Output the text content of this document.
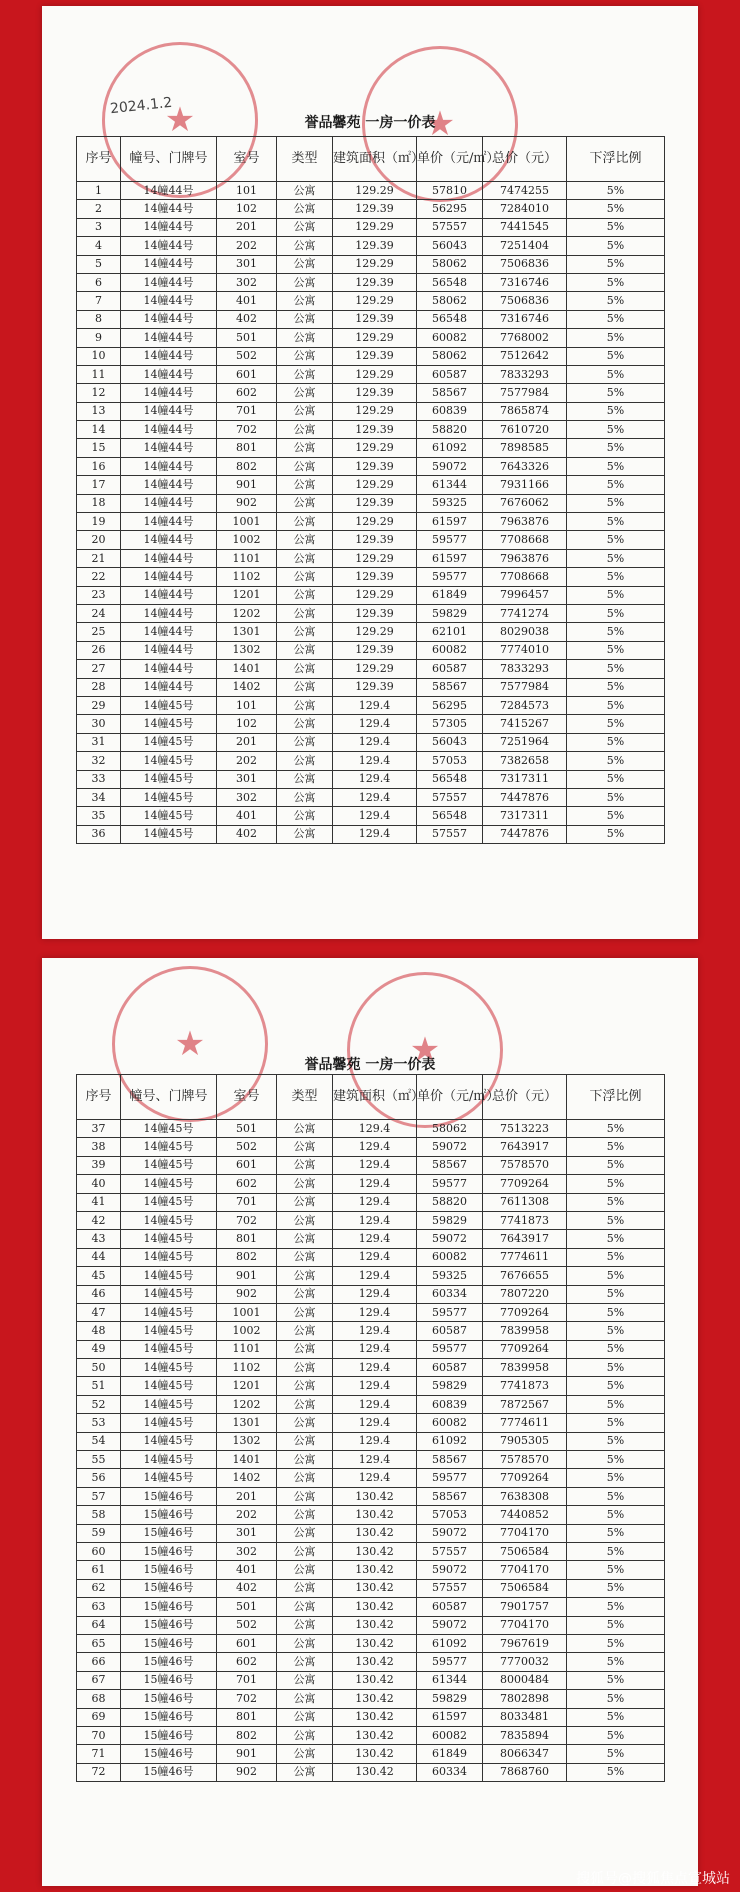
★	★
2024.1.2
誉品馨苑 一房一价表
序号	幢号、门牌号	室号	类型	建筑面积（㎡）	单价（元/㎡）	总价（元）	下浮比例
1	14幢44号	101	公寓	129.29	57810	7474255	5%
2	14幢44号	102	公寓	129.39	56295	7284010	5%
3	14幢44号	201	公寓	129.29	57557	7441545	5%
4	14幢44号	202	公寓	129.39	56043	7251404	5%
5	14幢44号	301	公寓	129.29	58062	7506836	5%
6	14幢44号	302	公寓	129.39	56548	7316746	5%
7	14幢44号	401	公寓	129.29	58062	7506836	5%
8	14幢44号	402	公寓	129.39	56548	7316746	5%
9	14幢44号	501	公寓	129.29	60082	7768002	5%
10	14幢44号	502	公寓	129.39	58062	7512642	5%
11	14幢44号	601	公寓	129.29	60587	7833293	5%
12	14幢44号	602	公寓	129.39	58567	7577984	5%
13	14幢44号	701	公寓	129.29	60839	7865874	5%
14	14幢44号	702	公寓	129.39	58820	7610720	5%
15	14幢44号	801	公寓	129.29	61092	7898585	5%
16	14幢44号	802	公寓	129.39	59072	7643326	5%
17	14幢44号	901	公寓	129.29	61344	7931166	5%
18	14幢44号	902	公寓	129.39	59325	7676062	5%
19	14幢44号	1001	公寓	129.29	61597	7963876	5%
20	14幢44号	1002	公寓	129.39	59577	7708668	5%
21	14幢44号	1101	公寓	129.29	61597	7963876	5%
22	14幢44号	1102	公寓	129.39	59577	7708668	5%
23	14幢44号	1201	公寓	129.29	61849	7996457	5%
24	14幢44号	1202	公寓	129.39	59829	7741274	5%
25	14幢44号	1301	公寓	129.29	62101	8029038	5%
26	14幢44号	1302	公寓	129.39	60082	7774010	5%
27	14幢44号	1401	公寓	129.29	60587	7833293	5%
28	14幢44号	1402	公寓	129.39	58567	7577984	5%
29	14幢45号	101	公寓	129.4	56295	7284573	5%
30	14幢45号	102	公寓	129.4	57305	7415267	5%
31	14幢45号	201	公寓	129.4	56043	7251964	5%
32	14幢45号	202	公寓	129.4	57053	7382658	5%
33	14幢45号	301	公寓	129.4	56548	7317311	5%
34	14幢45号	302	公寓	129.4	57557	7447876	5%
35	14幢45号	401	公寓	129.4	56548	7317311	5%
36	14幢45号	402	公寓	129.4	57557	7447876	5%
★	★
誉品馨苑 一房一价表
序号	幢号、门牌号	室号	类型	建筑面积（㎡）	单价（元/㎡）	总价（元）	下浮比例
37	14幢45号	501	公寓	129.4	58062	7513223	5%
38	14幢45号	502	公寓	129.4	59072	7643917	5%
39	14幢45号	601	公寓	129.4	58567	7578570	5%
40	14幢45号	602	公寓	129.4	59577	7709264	5%
41	14幢45号	701	公寓	129.4	58820	7611308	5%
42	14幢45号	702	公寓	129.4	59829	7741873	5%
43	14幢45号	801	公寓	129.4	59072	7643917	5%
44	14幢45号	802	公寓	129.4	60082	7774611	5%
45	14幢45号	901	公寓	129.4	59325	7676655	5%
46	14幢45号	902	公寓	129.4	60334	7807220	5%
47	14幢45号	1001	公寓	129.4	59577	7709264	5%
48	14幢45号	1002	公寓	129.4	60587	7839958	5%
49	14幢45号	1101	公寓	129.4	59577	7709264	5%
50	14幢45号	1102	公寓	129.4	60587	7839958	5%
51	14幢45号	1201	公寓	129.4	59829	7741873	5%
52	14幢45号	1202	公寓	129.4	60839	7872567	5%
53	14幢45号	1301	公寓	129.4	60082	7774611	5%
54	14幢45号	1302	公寓	129.4	61092	7905305	5%
55	14幢45号	1401	公寓	129.4	58567	7578570	5%
56	14幢45号	1402	公寓	129.4	59577	7709264	5%
57	15幢46号	201	公寓	130.42	58567	7638308	5%
58	15幢46号	202	公寓	130.42	57053	7440852	5%
59	15幢46号	301	公寓	130.42	59072	7704170	5%
60	15幢46号	302	公寓	130.42	57557	7506584	5%
61	15幢46号	401	公寓	130.42	59072	7704170	5%
62	15幢46号	402	公寓	130.42	57557	7506584	5%
63	15幢46号	501	公寓	130.42	60587	7901757	5%
64	15幢46号	502	公寓	130.42	59072	7704170	5%
65	15幢46号	601	公寓	130.42	61092	7967619	5%
66	15幢46号	602	公寓	130.42	59577	7770032	5%
67	15幢46号	701	公寓	130.42	61344	8000484	5%
68	15幢46号	702	公寓	130.42	59829	7802898	5%
69	15幢46号	801	公寓	130.42	61597	8033481	5%
70	15幢46号	802	公寓	130.42	60082	7835894	5%
71	15幢46号	901	公寓	130.42	61849	8066347	5%
72	15幢46号	902	公寓	130.42	60334	7868760	5%
搜狐号@搜狐焦点宣城站
